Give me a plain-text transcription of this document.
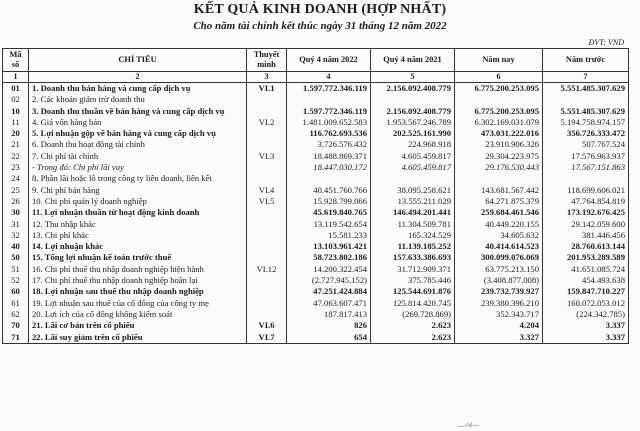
KẾT QUẢ KINH DOANH (HỢP NHẤT)
Cho năm tài chính kết thúc ngày 31 tháng 12 năm 2022
ĐVT: VND
Mã số	CHỈ TIÊU	Thuyết minh	Quý 4 năm 2022	Quý 4 năm 2021	Năm nay	Năm trước
1	2	3	4	5	6	7
01	1. Doanh thu bán hàng và cung cấp dịch vụ	VI.1	1.597.772.346.119	2.156.092.408.779	6.775.200.253.095	5.551.485.307.629
02	2. Các khoản giảm trừ doanh thu					
10	3. Doanh thu thuần về bán hàng và cung cấp dịch vụ		1.597.772.346.119	2.156.092.408.779	6.775.200.253.095	5.551.485.307.629
11	4. Giá vốn hàng bán	VI.2	1.481.009.652.583	1.953.567.246.789	6.302.169.031.079	5.194.758.974.157
20	5. Lợi nhuận gộp về bán hàng và cung cấp dịch vụ		116.762.693.536	202.525.161.990	473.031.222.016	356.726.333.472
21	6. Doanh thu hoạt động tài chính		3.726.576.432	224.968.918	23.910.906.326	507.767.524
22	7. Chi phí tài chính	VI.3	18.488.869.371	4.605.459.817	29.304.223.975	17.576.963.937
23	- Trong đó: Chi phí lãi vay		18.447.030.172	4.605.459.817	29.176.530.443	17.567.151.863
24	8. Phần lãi hoặc lỗ trong công ty liên doanh, liên kết					
25	9. Chi phí bán hàng	VI.4	40.451.760.766	38.095.258.621	143.681.567.442	118.699.606.021
26	10. Chi phí quản lý doanh nghiệp	VI.5	15.928.799.066	13.555.211.029	64.271.875.379	47.764.854.819
30	11. Lợi nhuận thuần từ hoạt động kinh doanh		45.619.840.765	146.494.201.441	259.684.461.546	173.192.676.425
31	12. Thu nhập khác		13.119.542.654	11.304.509.781	40.449.220.155	29.142.059.600
32	13. Chi phí khác		15.581.233	165.324.529	34.605.632	381.446.456
40	14. Lợi nhuận khác		13.103.961.421	11.139.185.252	40.414.614.523	28.760.613.144
50	15. Tổng lợi nhuận kế toán trước thuế		58.723.802.186	157.633.386.693	300.099.076.069	201.953.289.589
51	16. Chi phí thuế thu nhập doanh nghiệp hiện hành	VI.12	14.200.322.454	31.712.909.371	63.775.213.150	41.651.085.724
52	17. Chi phí thuế thu nhập doanh nghiệp hoãn lại		(2.727.945.152)	375.785.446	(3.408.877.008)	454.493.638
60	18. Lợi nhuận sau thuế thu nhập doanh nghiệp		47.251.424.884	125.544.691.876	239.732.739.927	159.847.710.227
61	19. Lợi nhuận sau thuế của cổ đông của công ty mẹ		47.063.607.471	125.814.420.745	239.380.396.210	160.072.053.012
62	20. Lợi ích của cổ đông không kiểm soát		187.817.413	(269.728.869)	352.343.717	(224.342.785)
70	21. Lãi cơ bản trên cổ phiếu	VI.6	826	2.623	4.204	3.337
71	22. Lãi suy giảm trên cổ phiếu	VI.7	654	2.623	3.327	3.337
—≉—
